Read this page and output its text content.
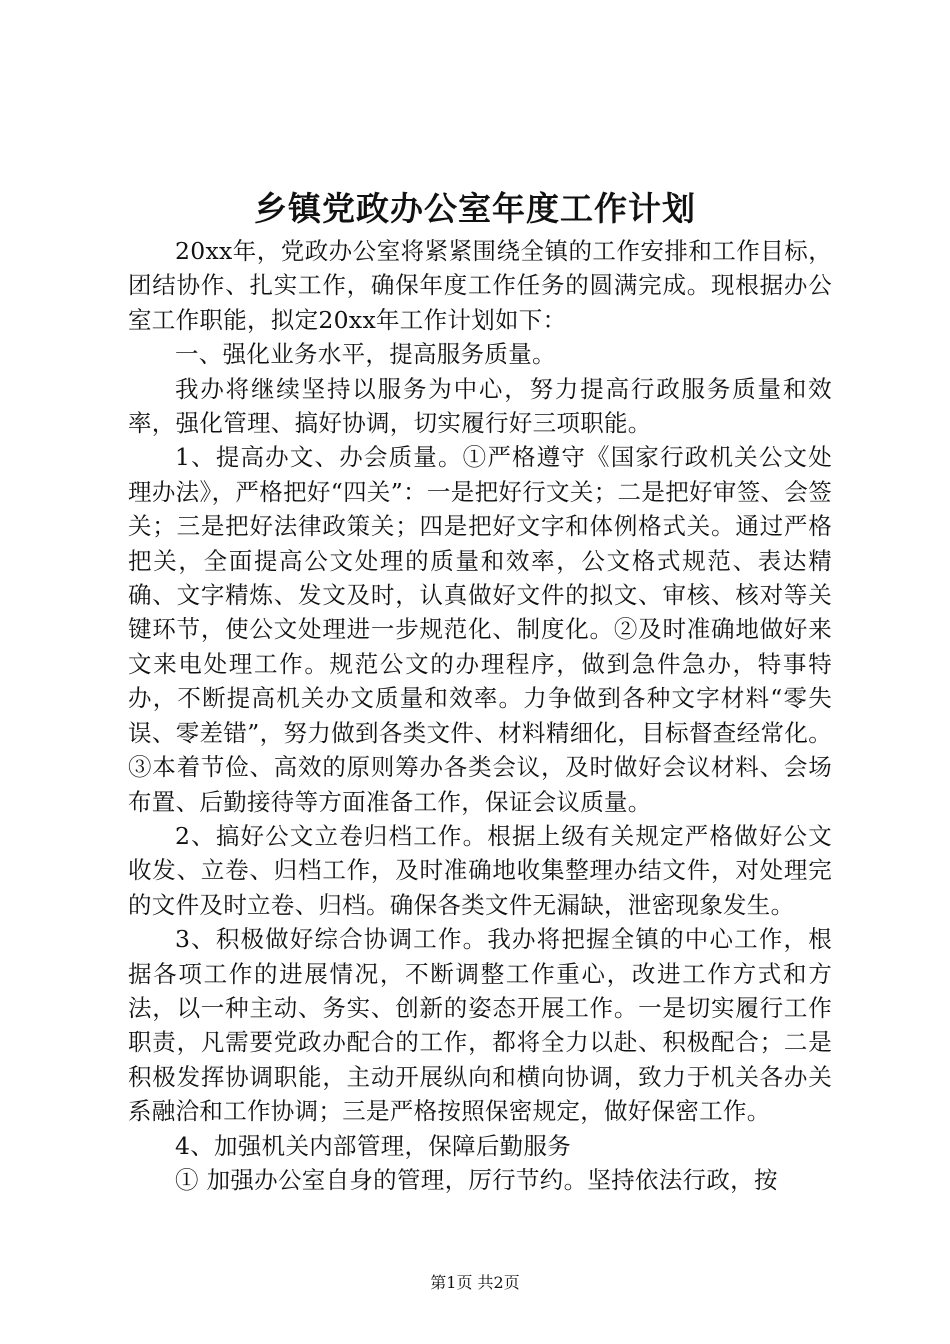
乡镇党政办公室年度工作计划

20xx年，党政办公室将紧紧围绕全镇的工作安排和工作目标，团结协作、扎实工作，确保年度工作任务的圆满完成。现根据办公室工作职能，拟定20xx年工作计划如下：

一、强化业务水平，提高服务质量。

我办将继续坚持以服务为中心，努力提高行政服务质量和效率，强化管理、搞好协调，切实履行好三项职能。

1、提高办文、办会质量。①严格遵守《国家行政机关公文处理办法》，严格把好“四关”：一是把好行文关；二是把好审签、会签关；三是把好法律政策关；四是把好文字和体例格式关。通过严格把关，全面提高公文处理的质量和效率，公文格式规范、表达精确、文字精炼、发文及时，认真做好文件的拟文、审核、核对等关键环节，使公文处理进一步规范化、制度化。②及时准确地做好来文来电处理工作。规范公文的办理程序，做到急件急办，特事特办，不断提高机关办文质量和效率。力争做到各种文字材料“零失误、零差错”，努力做到各类文件、材料精细化，目标督查经常化。③本着节俭、高效的原则筹办各类会议，及时做好会议材料、会场布置、后勤接待等方面准备工作，保证会议质量。

2、搞好公文立卷归档工作。根据上级有关规定严格做好公文收发、立卷、归档工作，及时准确地收集整理办结文件，对处理完的文件及时立卷、归档。确保各类文件无漏缺，泄密现象发生。

3、积极做好综合协调工作。我办将把握全镇的中心工作，根据各项工作的进展情况，不断调整工作重心，改进工作方式和方法，以一种主动、务实、创新的姿态开展工作。一是切实履行工作职责，凡需要党政办配合的工作，都将全力以赴、积极配合；二是积极发挥协调职能，主动开展纵向和横向协调，致力于机关各办关系融洽和工作协调；三是严格按照保密规定，做好保密工作。

4、加强机关内部管理，保障后勤服务

① 加强办公室自身的管理，厉行节约。坚持依法行政，按

第1页 共2页
